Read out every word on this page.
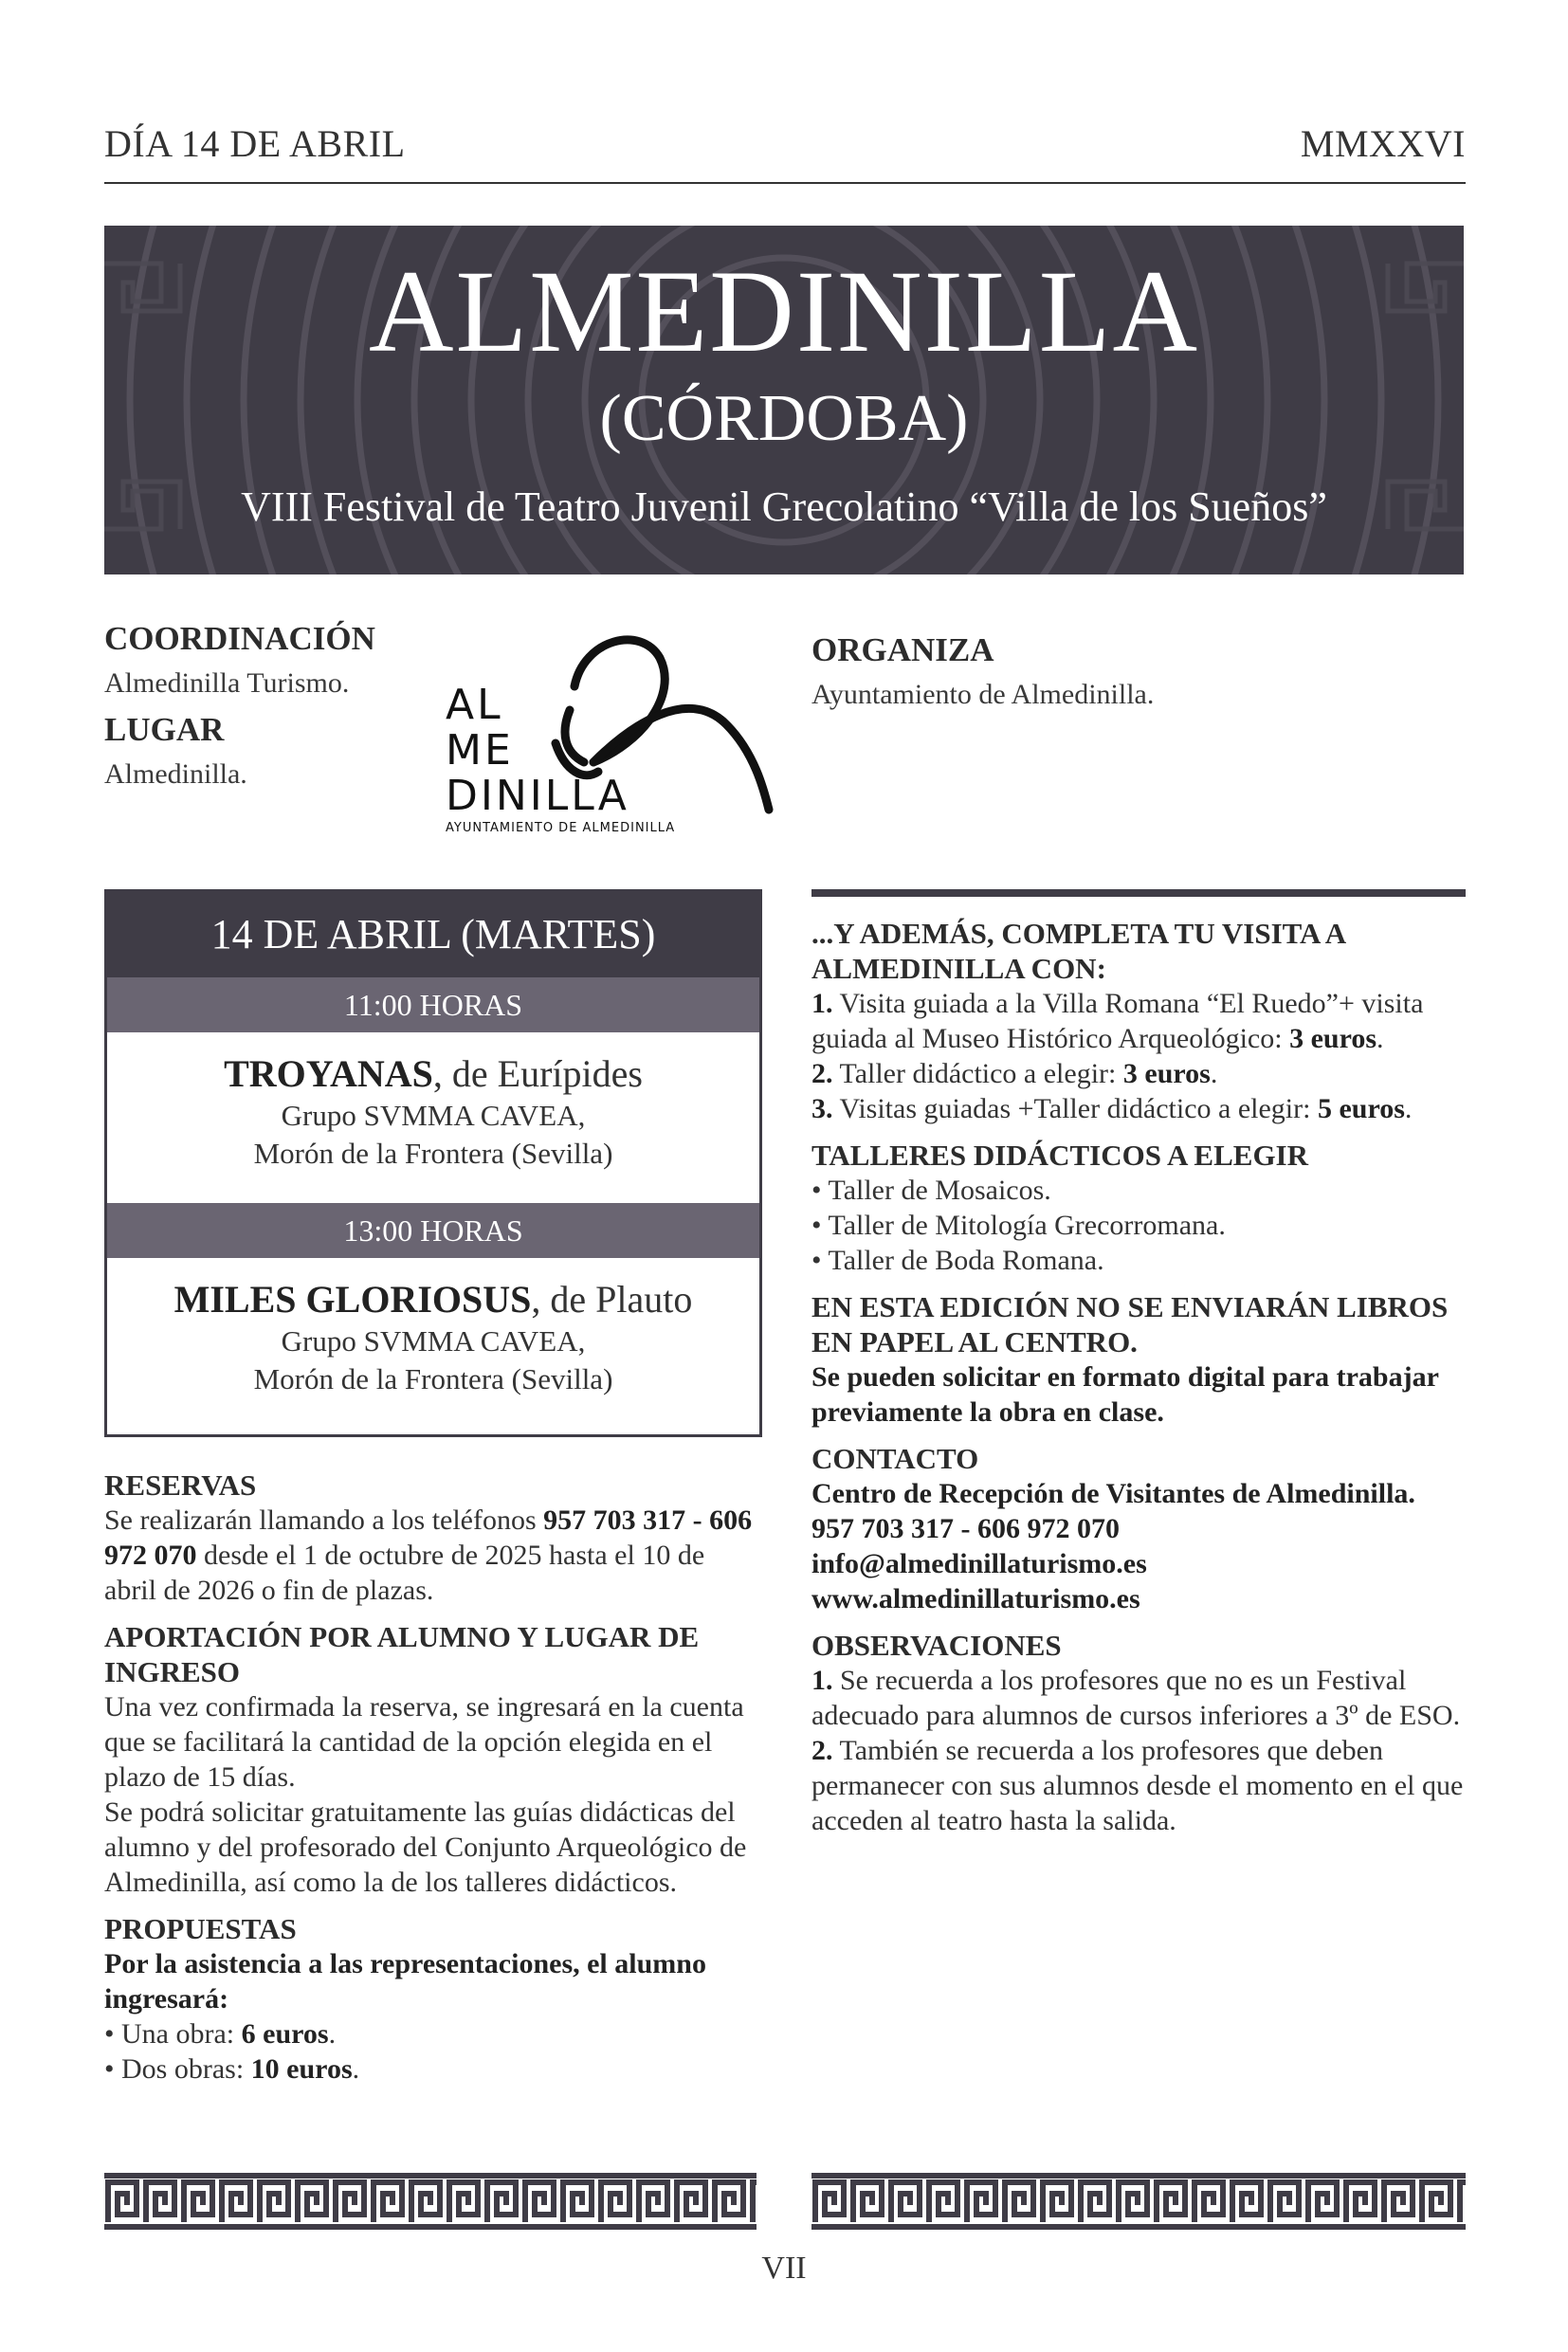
DÍA 14 DE ABRIL	MMXXVI
ALMEDINILLA
(CÓRDOBA)
VIII Festival de Teatro Juvenil Grecolatino “Villa de los Sueños”
COORDINACIÓN
Almedinilla Turismo.
LUGAR
Almedinilla.
AL
ME
DINILLA
AYUNTAMIENTO DE ALMEDINILLA
ORGANIZA
Ayuntamiento de Almedinilla.
14 DE ABRIL (MARTES)
11:00 HORAS
TROYANAS, de Eurípides
Grupo SVMMA CAVEA,
Morón de la Frontera (Sevilla)
13:00 HORAS
MILES GLORIOSUS, de Plauto
Grupo SVMMA CAVEA,
Morón de la Frontera (Sevilla)

RESERVAS

Se realizarán llamando a los teléfonos 957 703 317 - 606 972 070 desde el 1 de octubre de 2025 hasta el 10 de abril de 2026 o fin de plazas.

APORTACIÓN POR ALUMNO Y LUGAR DE INGRESO

Una vez confirmada la reserva, se ingresará en la cuenta que se facilitará la cantidad de la opción elegida en el plazo de 15 días.

Se podrá solicitar gratuitamente las guías didácticas del alumno y del profesorado del Conjunto Arqueológico de Almedinilla, así como la de los talleres didácticos.

PROPUESTAS

Por la asistencia a las representaciones, el alumno ingresará:

• Una obra: 6 euros.

• Dos obras: 10 euros.

...Y ADEMÁS, COMPLETA TU VISITA A ALMEDINILLA CON:

1. Visita guiada a la Villa Romana “El Ruedo”+ visita guiada al Museo Histórico Arqueológico: 3 euros.

2. Taller didáctico a elegir: 3 euros.

3. Visitas guiadas +Taller didáctico a elegir: 5 euros.

TALLERES DIDÁCTICOS A ELEGIR

• Taller de Mosaicos.

• Taller de Mitología Grecorromana.

• Taller de Boda Romana.

EN ESTA EDICIÓN NO SE ENVIARÁN LIBROS EN PAPEL AL CENTRO.

Se pueden solicitar en formato digital para trabajar previamente la obra en clase.

CONTACTO

Centro de Recepción de Visitantes de Almedinilla.

957 703 317 - 606 972 070

info@almedinillaturismo.es

www.almedinillaturismo.es

OBSERVACIONES

1. Se recuerda a los profesores que no es un Festival adecuado para alumnos de cursos inferiores a 3º de ESO.

2. También se recuerda a los profesores que deben permanecer con sus alumnos desde el momento en el que acceden al teatro hasta la salida.

VII
